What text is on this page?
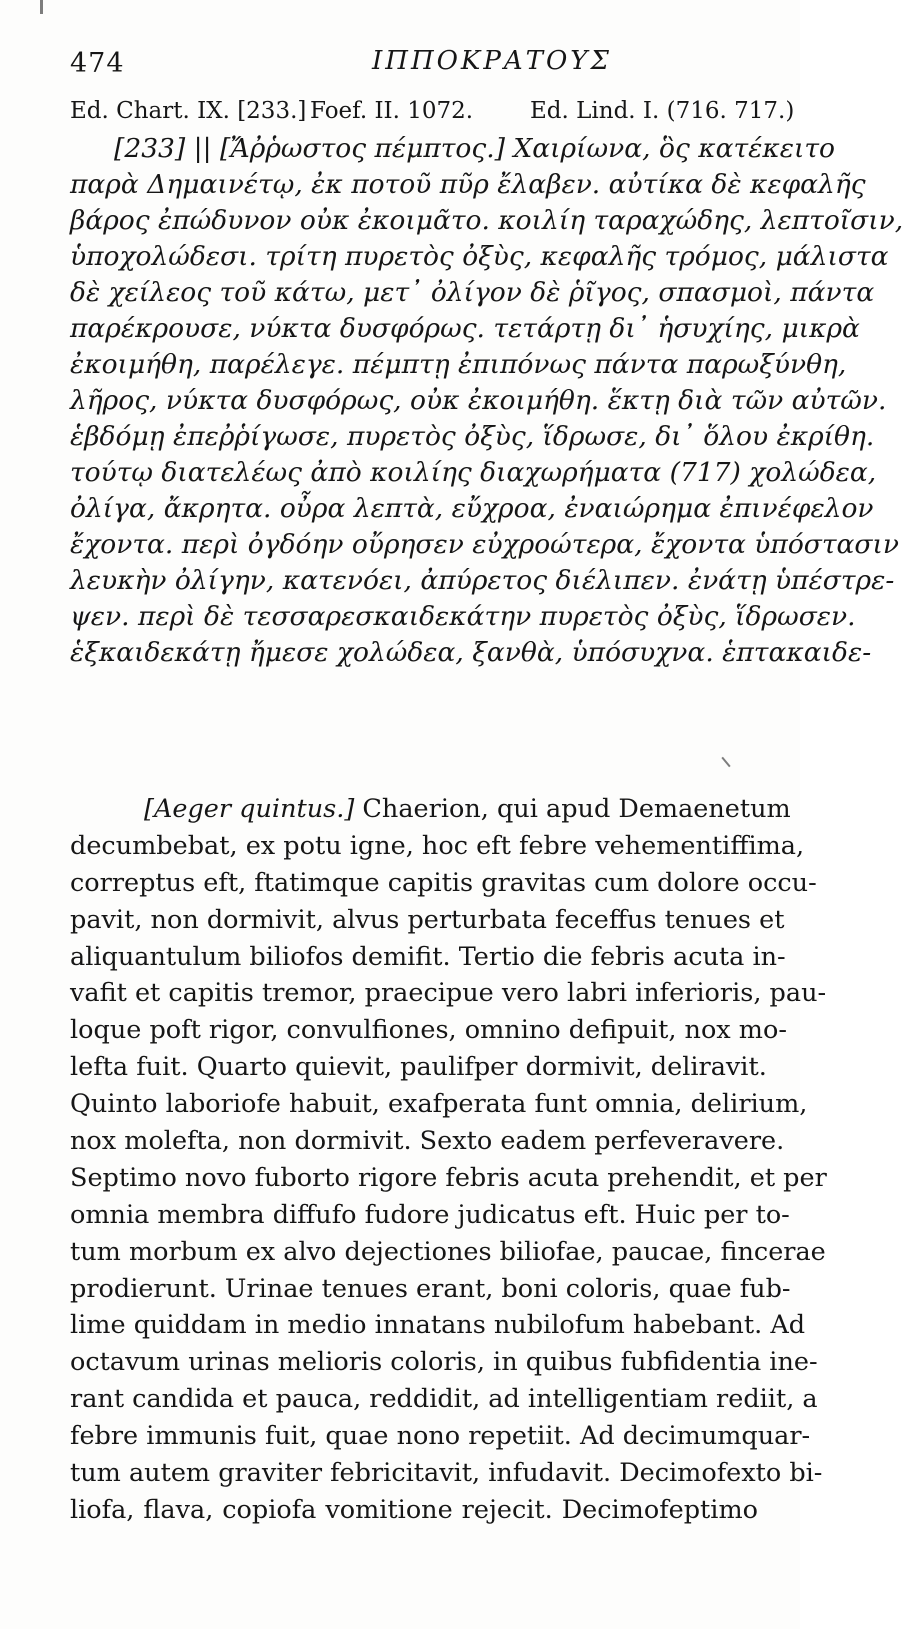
474	ΙΠΠΟΚΡΑΤΟΥΣ
Ed. Chart. IX. [233.] Foef. II. 1072. Ed. Lind. I. (716. 717.)
[233] || [Ἄῤῥωστος πέμπτος.] Χαιρίωνα, ὃς κατέκειτο
παρὰ Δημαινέτῳ, ἐκ ποτοῦ πῦρ ἔλαβεν. αὐτίκα δὲ κεφαλῆς
βάρος ἐπώδυνον οὐκ ἐκοιμᾶτο. κοιλίη ταραχώδης, λεπτοῖσιν,
ὑποχολώδεσι. τρίτη πυρετὸς ὀξὺς, κεφαλῆς τρόμος, μάλιστα
δὲ χείλεος τοῦ κάτω, μετ᾽ ὀλίγον δὲ ῥῖγος, σπασμοὶ, πάντα
παρέκρουσε, νύκτα δυσφόρως. τετάρτῃ δι᾽ ἡσυχίης, μικρὰ
ἐκοιμήθη, παρέλεγε. πέμπτῃ ἐπιπόνως πάντα παρωξύνθη,
λῆρος, νύκτα δυσφόρως, οὐκ ἐκοιμήθη. ἕκτῃ διὰ τῶν αὐτῶν.
ἑβδόμῃ ἐπεῤῥίγωσε, πυρετὸς ὀξὺς, ἵδρωσε, δι᾽ ὅλου ἐκρίθη.
τούτῳ διατελέως ἀπὸ κοιλίης διαχωρήματα (717) χολώδεα,
ὀλίγα, ἄκρητα. οὖρα λεπτὰ, εὔχροα, ἐναιώρημα ἐπινέφελον
ἔχοντα. περὶ ὀγδόην οὔρησεν εὐχροώτερα, ἔχοντα ὑπόστασιν
λευκὴν ὀλίγην, κατενόει, ἀπύρετος διέλιπεν. ἐνάτῃ ὑπέστρε-
ψεν. περὶ δὲ τεσσαρεσκαιδεκάτην πυρετὸς ὀξὺς, ἵδρωσεν.
ἑξκαιδεκάτῃ ἤμεσε χολώδεα, ξανθὰ, ὑπόσυχνα. ἑπτακαιδε-
[Aeger quintus.] Chaerion, qui apud Demaenetum
decumbebat, ex potu igne, hoc eft febre vehementiffima,
correptus eft, ftatimque capitis gravitas cum dolore occu-
pavit, non dormivit, alvus perturbata feceffus tenues et
aliquantulum biliofos demifit. Tertio die febris acuta in-
vafit et capitis tremor, praecipue vero labri inferioris, pau-
loque poft rigor, convulfiones, omnino defipuit, nox mo-
lefta fuit. Quarto quievit, paulifper dormivit, deliravit.
Quinto laboriofe habuit, exafperata funt omnia, delirium,
nox molefta, non dormivit. Sexto eadem perfeveravere.
Septimo novo fuborto rigore febris acuta prehendit, et per
omnia membra diffufo fudore judicatus eft. Huic per to-
tum morbum ex alvo dejectiones biliofae, paucae, fincerae
prodierunt. Urinae tenues erant, boni coloris, quae fub-
lime quiddam in medio innatans nubilofum habebant. Ad
octavum urinas melioris coloris, in quibus fubfidentia ine-
rant candida et pauca, reddidit, ad intelligentiam rediit, a
febre immunis fuit, quae nono repetiit. Ad decimumquar-
tum autem graviter febricitavit, infudavit. Decimofexto bi-
liofa, flava, copiofa vomitione rejecit. Decimofeptimo
